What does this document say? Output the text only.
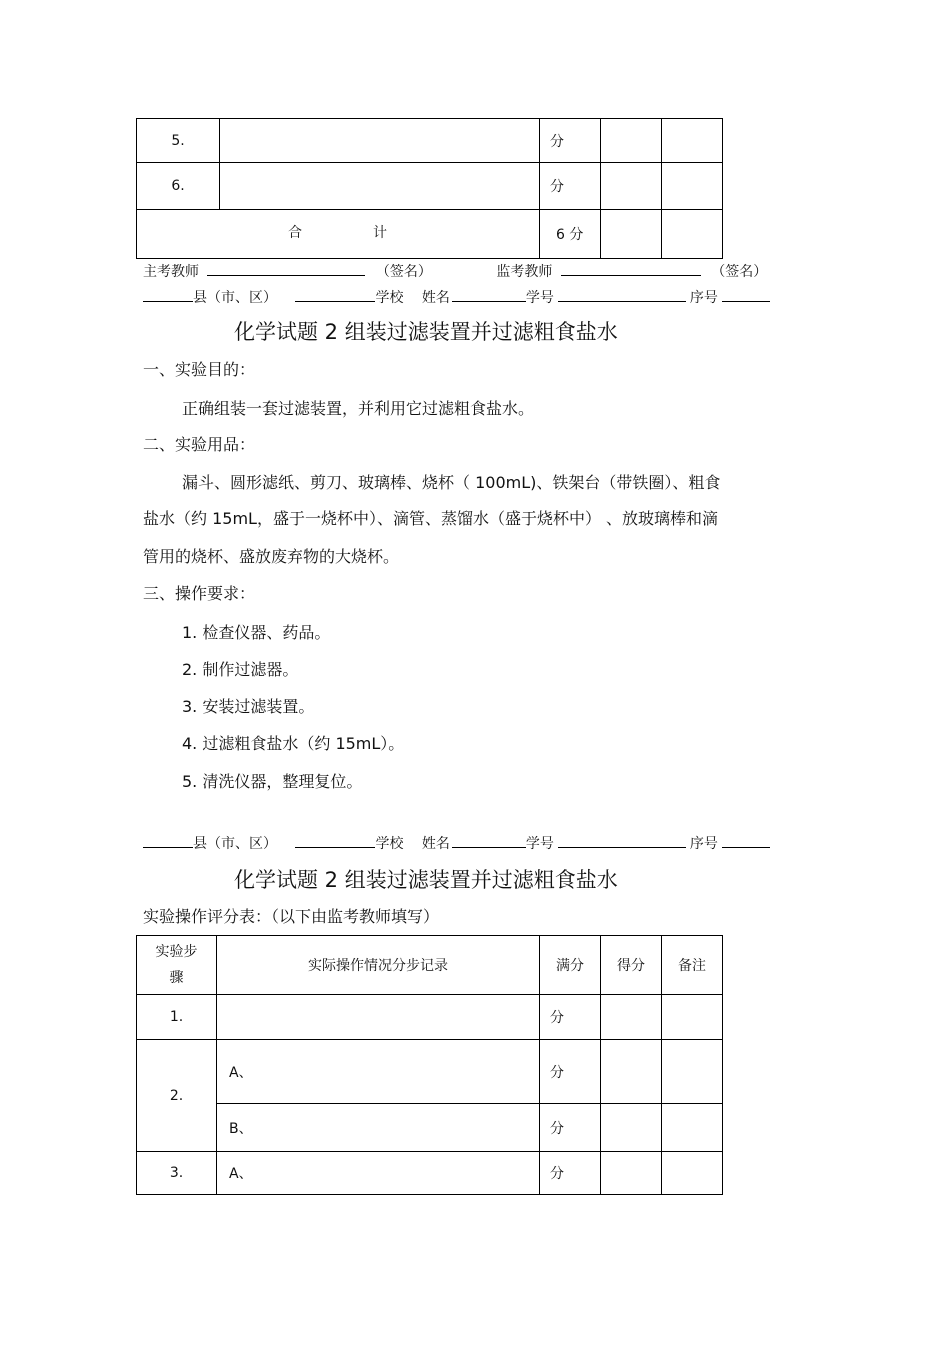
5.		分		
6.		分		

合 计		6 分		
主考教师	（签名）	监考教师	（签名）
县（市、区）	学校 姓名	学号	序号
化学试题 2 组装过滤装置并过滤粗食盐水
一、实验目的：
正确组装一套过滤装置，并利用它过滤粗食盐水。
二、实验用品：
漏斗、圆形滤纸、剪刀、玻璃棒、烧杯（ 100mL)、铁架台（带铁圈）、粗食
盐水（约 15mL，盛于一烧杯中）、滴管、蒸馏水（盛于烧杯中） 、放玻璃棒和滴
管用的烧杯、盛放废弃物的大烧杯。
三、操作要求：
1. 检查仪器、药品。
2. 制作过滤器。
3. 安装过滤装置。
4. 过滤粗食盐水（约 15mL）。
5. 清洗仪器，整理复位。
县（市、区）	学校 姓名	学号	序号
化学试题 2 组装过滤装置并过滤粗食盐水
实验操作评分表：（以下由监考教师填写）
实验步
骤	实际操作情况分步记录	满分	得分	备注
1.		分		
2.	A、	分		
	B、	分		
3.	A、	分		
